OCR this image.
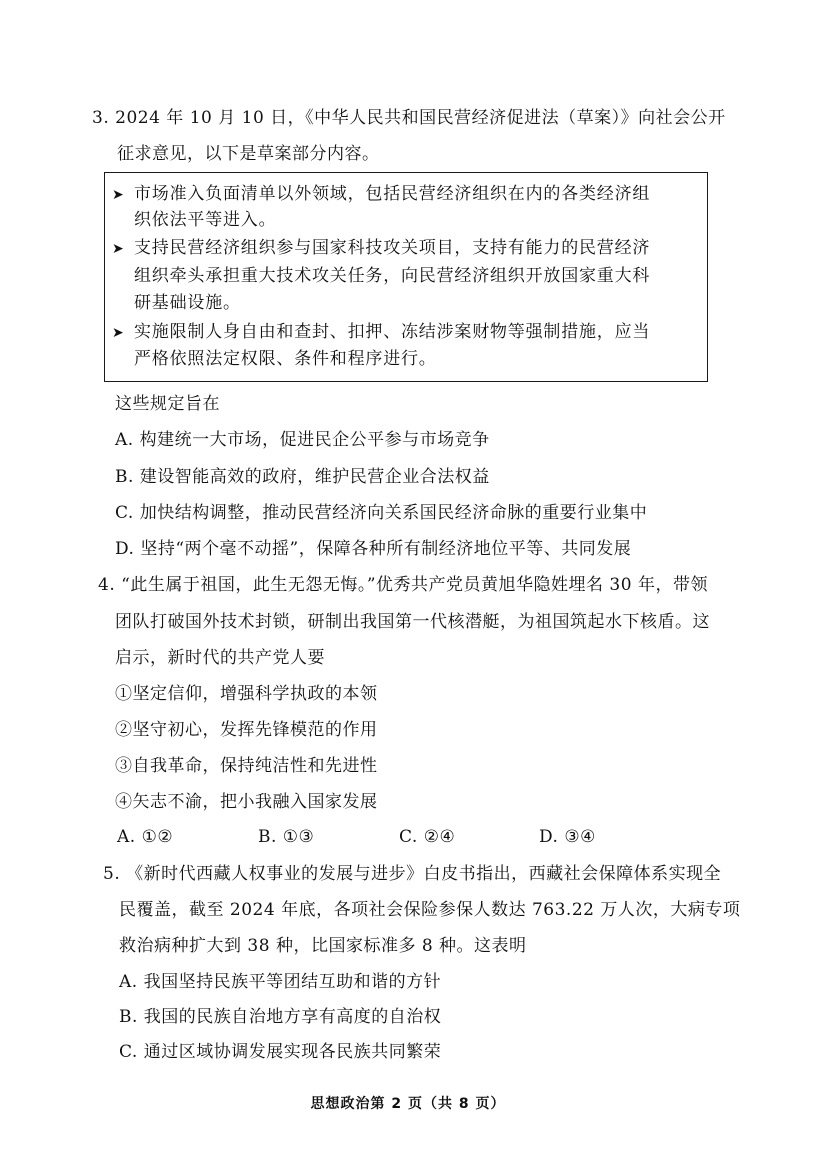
3. 2024 年 10 月 10 日，《中华人民共和国民营经济促进法（草案）》向社会公开
征求意见，以下是草案部分内容。
➤ 市场准入负面清单以外领域，包括民营经济组织在内的各类经济组
织依法平等进入。
➤ 支持民营经济组织参与国家科技攻关项目，支持有能力的民营经济
组织牵头承担重大技术攻关任务，向民营经济组织开放国家重大科
研基础设施。
➤ 实施限制人身自由和查封、扣押、冻结涉案财物等强制措施，应当
严格依照法定权限、条件和程序进行。
这些规定旨在
A. 构建统一大市场，促进民企公平参与市场竞争
B. 建设智能高效的政府，维护民营企业合法权益
C. 加快结构调整，推动民营经济向关系国民经济命脉的重要行业集中
D. 坚持“两个毫不动摇”，保障各种所有制经济地位平等、共同发展
4. “此生属于祖国，此生无怨无悔。”优秀共产党员黄旭华隐姓埋名 30 年，带领
团队打破国外技术封锁，研制出我国第一代核潜艇，为祖国筑起水下核盾。这
启示，新时代的共产党人要
①坚定信仰，增强科学执政的本领
②坚守初心，发挥先锋模范的作用
③自我革命，保持纯洁性和先进性
④矢志不渝，把小我融入国家发展
A. ①②	B. ①③	C. ②④	D. ③④
5. 《新时代西藏人权事业的发展与进步》白皮书指出，西藏社会保障体系实现全
民覆盖，截至 2024 年底，各项社会保险参保人数达 763.22 万人次，大病专项
救治病种扩大到 38 种，比国家标准多 8 种。这表明
A. 我国坚持民族平等团结互助和谐的方针
B. 我国的民族自治地方享有高度的自治权
C. 通过区域协调发展实现各民族共同繁荣
思想政治第 2 页（共 8 页）
